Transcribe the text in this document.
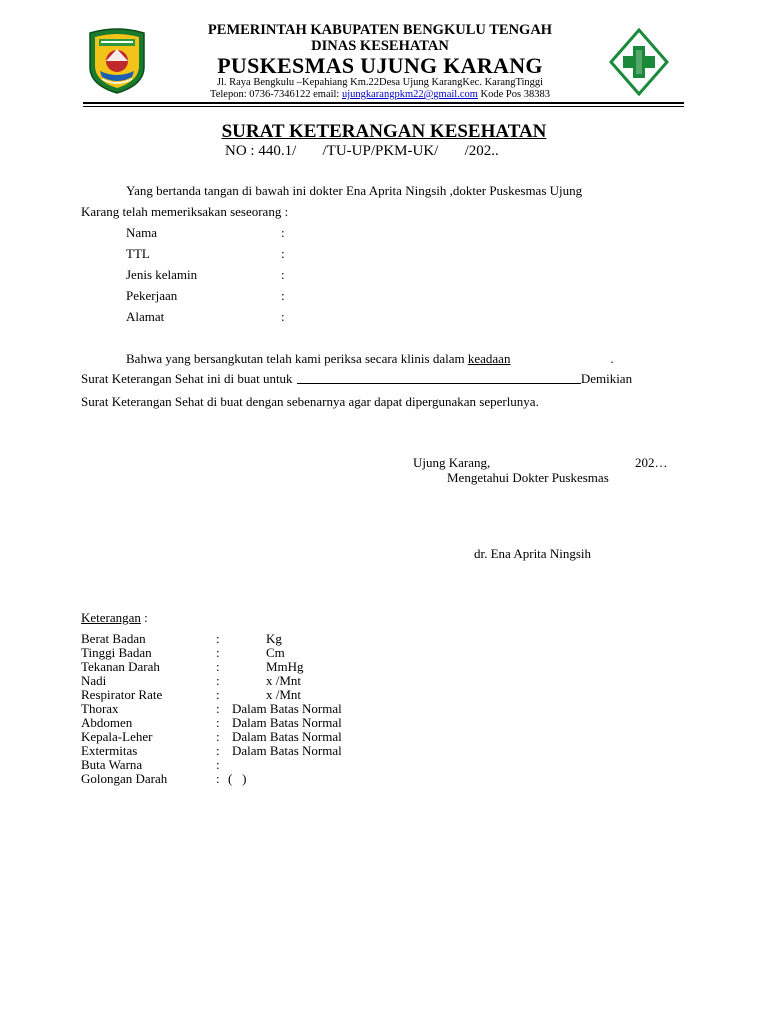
PEMERINTAH KABUPATEN BENGKULU TENGAH
DINAS KESEHATAN
PUSKESMAS UJUNG KARANG
Jl. Raya Bengkulu –Kepahiang Km.22Desa Ujung KarangKec. KarangTinggi
Telepon: 0736-7346122 email: ujungkarangpkm22@gmail.com Kode Pos 38383
SURAT KETERANGAN KESEHATAN
NO : 440.1/       /TU-UP/PKM-UK/       /202..
Yang bertanda tangan di bawah ini dokter Ena Aprita Ningsih ,dokter Puskesmas Ujung
Karang telah memeriksakan seseorang :
Nama	:
TTL	:
Jenis kelamin	:
Pekerjaan	:
Alamat	:
Bahwa yang bersangkutan telah kami periksa secara klinis dalam keadaan	.
Surat Keterangan Sehat ini di buat untuk	Demikian
Surat Keterangan Sehat di buat dengan sebenarnya agar dapat dipergunakan seperlunya.
Ujung Karang,	202…
Mengetahui Dokter Puskesmas
dr. Ena Aprita Ningsih
Keterangan :
Berat Badan	:	Kg
Tinggi Badan	:	Cm
Tekanan Darah	:	MmHg
Nadi	:	x /Mnt
Respirator Rate	:	x /Mnt
Thorax	: Dalam Batas Normal
Abdomen	: Dalam Batas Normal
Kepala-Leher	: Dalam Batas Normal
Extermitas	: Dalam Batas Normal
Buta Warna	:
Golongan Darah	: (   )
